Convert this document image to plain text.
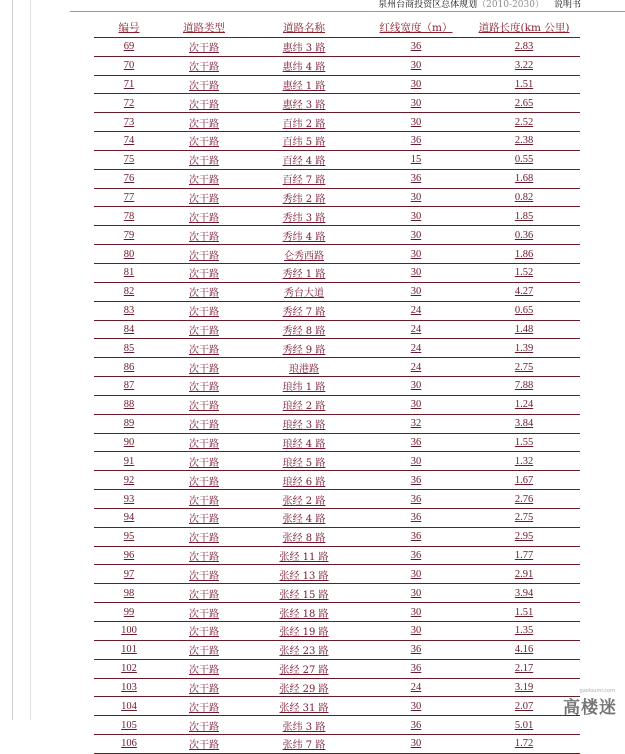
泉州台商投资区总体规划（2010-2030） 说明书
编号	道路类型	道路名称	红线宽度（m）	道路长度(km 公里)
69	次干路	惠纬 3 路	36	2.83
70	次干路	惠纬 4 路	30	3.22
71	次干路	惠经 1 路	30	1.51
72	次干路	惠经 3 路	30	2.65
73	次干路	百纬 2 路	30	2.52
74	次干路	百纬 5 路	36	2.38
75	次干路	百经 4 路	15	0.55
76	次干路	百经 7 路	36	1.68
77	次干路	秀纬 2 路	30	0.82
78	次干路	秀纬 3 路	30	1.85
79	次干路	秀纬 4 路	30	0.36
80	次干路	仑秀西路	30	1.86
81	次干路	秀经 1 路	30	1.52
82	次干路	秀台大道	30	4.27
83	次干路	秀经 7 路	24	0.65
84	次干路	秀经 8 路	24	1.48
85	次干路	秀经 9 路	24	1.39
86	次干路	琅港路	24	2.75
87	次干路	琅纬 1 路	30	7.88
88	次干路	琅经 2 路	30	1.24
89	次干路	琅经 3 路	32	3.84
90	次干路	琅经 4 路	36	1.55
91	次干路	琅经 5 路	30	1.32
92	次干路	琅经 6 路	36	1.67
93	次干路	张经 2 路	36	2.76
94	次干路	张经 4 路	36	2.75
95	次干路	张经 8 路	36	2.95
96	次干路	张经 11 路	36	1.77
97	次干路	张经 13 路	30	2.91
98	次干路	张经 15 路	30	3.94
99	次干路	张经 18 路	30	1.51
100	次干路	张经 19 路	30	1.35
101	次干路	张经 23 路	36	4.16
102	次干路	张经 27 路	36	2.17
103	次干路	张经 29 路	24	3.19
104	次干路	张经 31 路	30	2.07
105	次干路	张纬 3 路	36	5.01
106	次干路	张纬 7 路	30	1.72
gaoloumi.com
高楼迷
